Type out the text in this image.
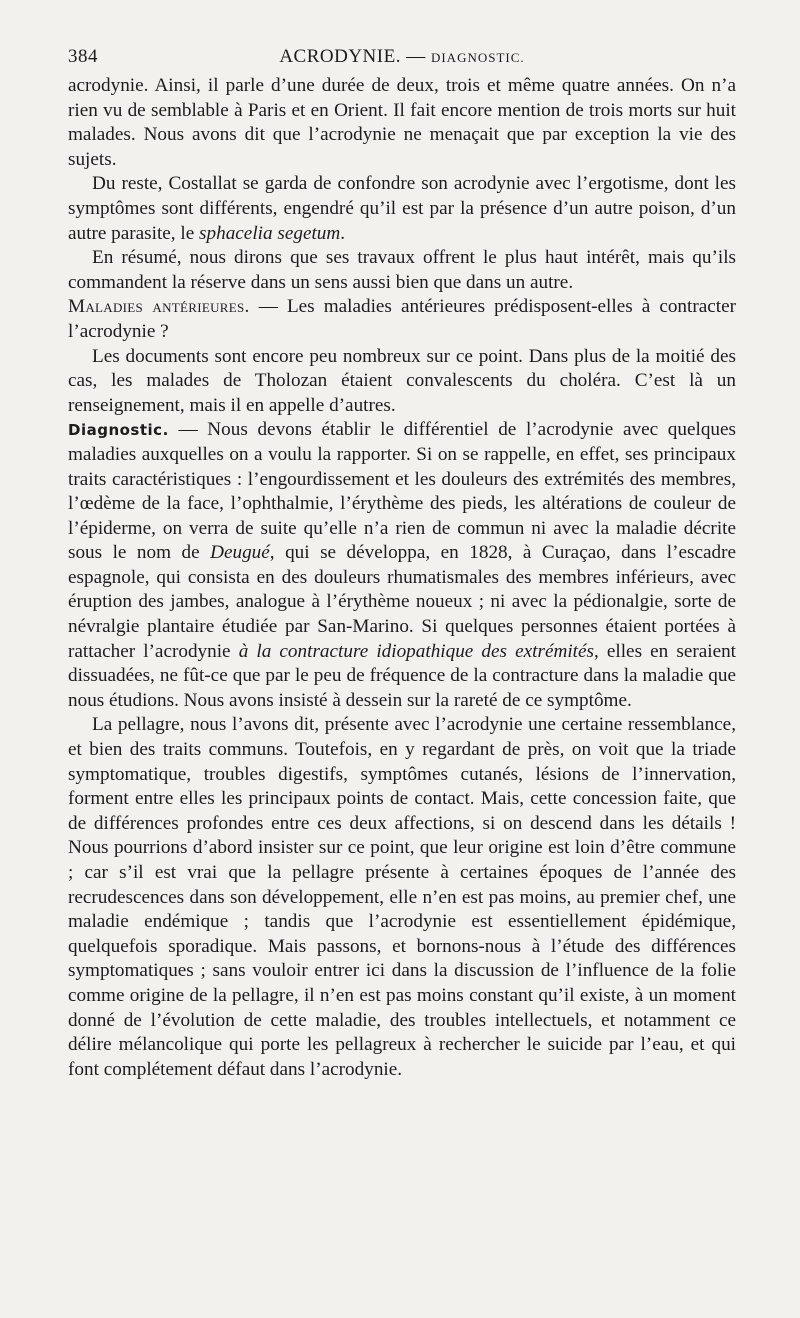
384	ACRODYNIE. — DIAGNOSTIC.

acrodynie. Ainsi, il parle d’une durée de deux, trois et même quatre années. On n’a rien vu de semblable à Paris et en Orient. Il fait encore mention de trois morts sur huit malades. Nous avons dit que l’acrodynie ne menaçait que par exception la vie des sujets.

Du reste, Costallat se garda de confondre son acrodynie avec l’ergotisme, dont les symptômes sont différents, engendré qu’il est par la présence d’un autre poison, d’un autre parasite, le sphacelia segetum.

En résumé, nous dirons que ses travaux offrent le plus haut intérêt, mais qu’ils commandent la réserve dans un sens aussi bien que dans un autre.

Maladies antérieures. — Les maladies antérieures prédisposent-elles à contracter l’acrodynie ?

Les documents sont encore peu nombreux sur ce point. Dans plus de la moitié des cas, les malades de Tholozan étaient convalescents du choléra. C’est là un renseignement, mais il en appelle d’autres.

Diagnostic. — Nous devons établir le différentiel de l’acrodynie avec quelques maladies auxquelles on a voulu la rapporter. Si on se rappelle, en effet, ses principaux traits caractéristiques : l’engourdissement et les douleurs des extrémités des membres, l’œdème de la face, l’ophthalmie, l’érythème des pieds, les altérations de couleur de l’épiderme, on verra de suite qu’elle n’a rien de commun ni avec la maladie décrite sous le nom de Deugué, qui se développa, en 1828, à Curaçao, dans l’escadre espagnole, qui consista en des douleurs rhumatismales des membres inférieurs, avec éruption des jambes, analogue à l’érythème noueux ; ni avec la pédionalgie, sorte de névralgie plantaire étudiée par San-Marino. Si quelques personnes étaient portées à rattacher l’acrodynie à la contracture idiopathique des extrémités, elles en seraient dissuadées, ne fût-ce que par le peu de fréquence de la contracture dans la maladie que nous étudions. Nous avons insisté à dessein sur la rareté de ce symptôme.

La pellagre, nous l’avons dit, présente avec l’acrodynie une certaine ressemblance, et bien des traits communs. Toutefois, en y regardant de près, on voit que la triade symptomatique, troubles digestifs, symptômes cutanés, lésions de l’innervation, forment entre elles les principaux points de contact. Mais, cette concession faite, que de différences profondes entre ces deux affections, si on descend dans les détails ! Nous pourrions d’abord insister sur ce point, que leur origine est loin d’être commune ; car s’il est vrai que la pellagre présente à certaines époques de l’année des recrudescences dans son développement, elle n’en est pas moins, au premier chef, une maladie endémique ; tandis que l’acrodynie est essentiellement épidémique, quelquefois sporadique. Mais passons, et bornons-nous à l’étude des différences symptomatiques ; sans vouloir entrer ici dans la discussion de l’influence de la folie comme origine de la pellagre, il n’en est pas moins constant qu’il existe, à un moment donné de l’évolution de cette maladie, des troubles intellectuels, et notamment ce délire mélancolique qui porte les pellagreux à rechercher le suicide par l’eau, et qui font complétement défaut dans l’acrodynie.
